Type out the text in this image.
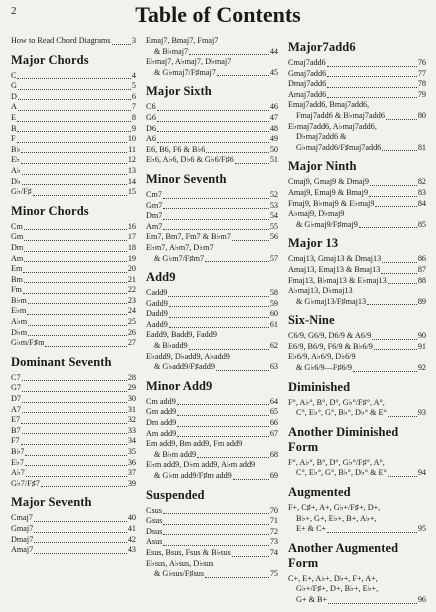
2	Table of Contents
How to Read Chord Diagrams	3
Major Chords
C	4
G	5
D	6
A	7
E	8
B	9
F	10
B♭	11
E♭	12
A♭	13
D♭	14
G♭/F♯	15
Minor Chords
Cm	16
Gm	17
Dm	18
Am	19
Em	20
Bm	21
Fm	22
B♭m	23
E♭m	24
A♭m	25
D♭m	26
G♭m/F♯m	27
Dominant Seventh
C7	28
G7	29
D7	30
A7	31
E7	32
B7	33
F7	34
B♭7	35
E♭7	36
A♭7	37
G♭7/F♯7	39
Major Seventh
Cmaj7	40
Gmaj7	41
Dmaj7	42
Amaj7	43
Emaj7, Bmaj7, Fmaj7
& B♭maj7	44
E♭maj7, A♭maj7, D♭maj7
& G♭maj7/F♯maj7	45
Major Sixth
C6	46
G6	47
D6	48
A6	49
E6, B6, F6 & B♭6	50
E♭6, A♭6, D♭6 & G♭6/F♯6	51
Minor Seventh
Cm7	52
Gm7	53
Dm7	54
Am7	55
Em7, Bm7, Fm7 & B♭m7	56
E♭m7, A♭m7, D♭m7
& G♭m7/F♯m7	57
Add9
Cadd9	58
Gadd9	59
Dadd9	60
Aadd9	61
Eadd9, Badd9, Fadd9
& B♭add9	62
E♭add9, D♭add9, A♭add9
& G♭add9/F♯add9	63
Minor Add9
Cm add9	64
Gm add9	65
Dm add9	66
Am add9	67
Em add9, Bm add9, Fm add9
& B♭m add9	68
E♭m add9, D♭m add9, A♭m add9
& G♭m add9/F♯m add9	69
Suspended
Csus	70
Gsus	71
Dsus	72
Asus	73
Esus, Bsus, Fsus & B♭sus	74
E♭sus, A♭sus, D♭sus
& G♭sus/F♯sus	75
Major7add6
Cmaj7add6	76
Gmaj7add6	77
Dmaj7add6	78
Amaj7add6	79
Emaj7add6, Bmaj7add6,
Fmaj7add6 & B♭maj7add6	80
E♭maj7add6, A♭maj7add6,
D♭maj7add6 &
G♭maj7add6/F♯maj7add6	81
Major Ninth
Cmaj9, Gmaj9 & Dmaj9	82
Amaj9, Emaj9 & Bmaj9	83
Fmaj9, B♭maj9 & E♭maj9	84
A♭maj9, D♭maj9
& G♭maj9/F♯maj9	85
Major 13
Cmaj13, Gmaj13 & Dmaj13	86
Amaj13, Emaj13 & Bmaj13	87
Fmaj13, B♭maj13 & E♭maj13	88
A♭maj13, D♭maj13
& G♭maj13/F♯maj13	89
Six-Nine
C6/9, G6/9, D6/9 & A6/9	90
E6/9, B6/9, F6/9 & B♭6/9	91
E♭6/9, A♭6/9, D♭6/9
& G♭6/9—F♯6/9	92
Diminished
F°, A♭°, B°, D°, G♭°/F♯°, A°,
C°, E♭°, G°, B♭°, D♭° & E°	93
Another Diminished Form
F°, A♭°, B°, D°, G♭°/F♯°, A°,
C°, E♭°, G°, B♭°, D♭° & E°	94
Augmented
F+, C♯+, A+, G♭+/F♯+, D+,
B♭+, G+, E♭+, B+, A♭+,
E+ & C+	95
Another Augmented Form
C+, E+, A♭+, D♭+, F+, A+,
G♭+/F♯+, D+, B♭+, E♭+,
G+ & B+	96
